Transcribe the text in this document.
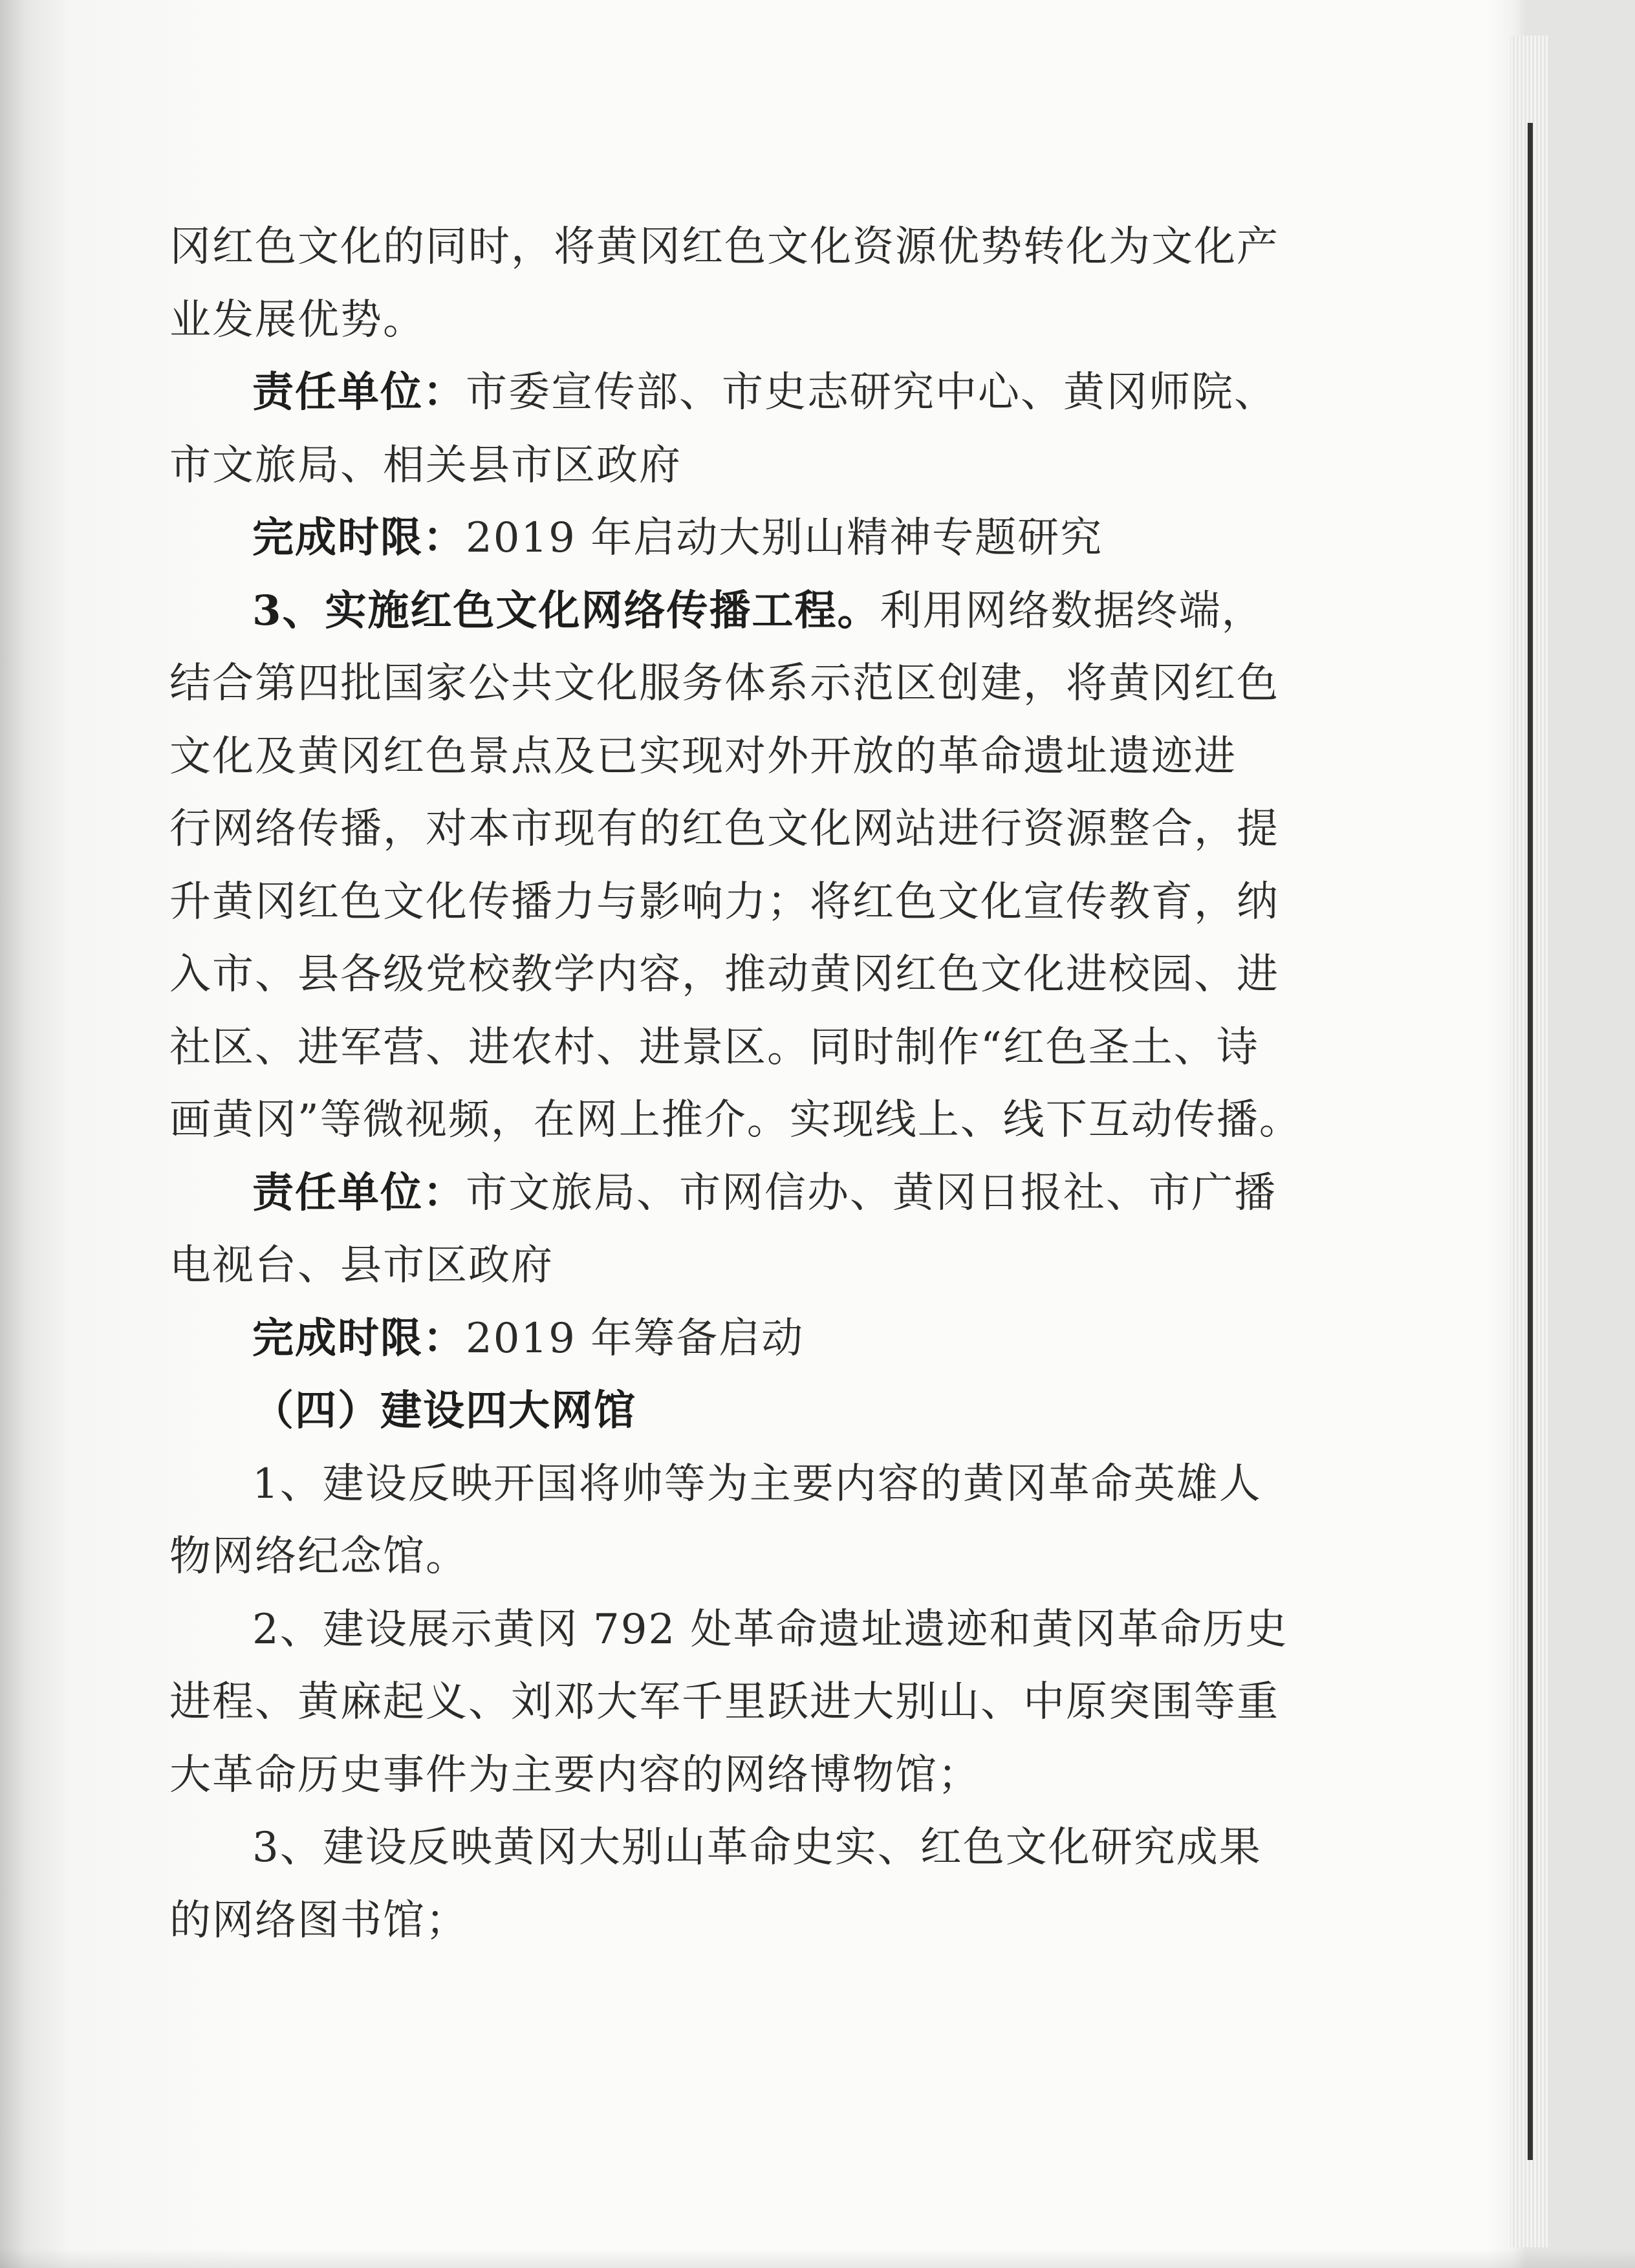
冈红色文化的同时，将黄冈红色文化资源优势转化为文化产

业发展优势。

责任单位：市委宣传部、市史志研究中心、黄冈师院、

市文旅局、相关县市区政府

完成时限：2019 年启动大别山精神专题研究

3、实施红色文化网络传播工程。利用网络数据终端，

结合第四批国家公共文化服务体系示范区创建，将黄冈红色

文化及黄冈红色景点及已实现对外开放的革命遗址遗迹进

行网络传播，对本市现有的红色文化网站进行资源整合，提

升黄冈红色文化传播力与影响力；将红色文化宣传教育，纳

入市、县各级党校教学内容，推动黄冈红色文化进校园、进

社区、进军营、进农村、进景区。同时制作“红色圣土、诗

画黄冈”等微视频，在网上推介。实现线上、线下互动传播。

责任单位：市文旅局、市网信办、黄冈日报社、市广播

电视台、县市区政府

完成时限：2019 年筹备启动

（四）建设四大网馆

1、建设反映开国将帅等为主要内容的黄冈革命英雄人

物网络纪念馆。

2、建设展示黄冈 792 处革命遗址遗迹和黄冈革命历史

进程、黄麻起义、刘邓大军千里跃进大别山、中原突围等重

大革命历史事件为主要内容的网络博物馆；

3、建设反映黄冈大别山革命史实、红色文化研究成果

的网络图书馆；
